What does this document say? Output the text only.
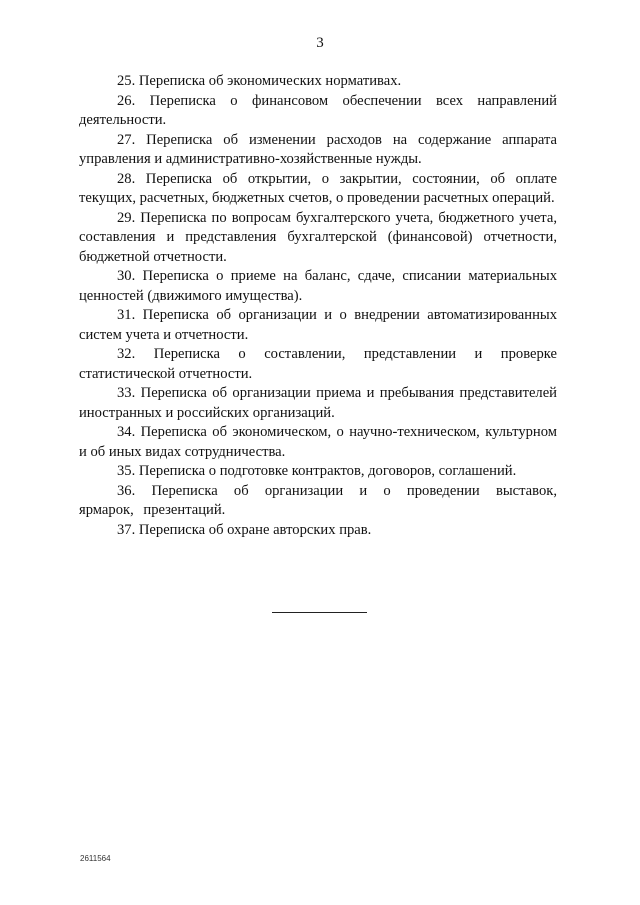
3

25. Переписка об экономических нормативах.

26. Переписка о финансовом обеспечении всех направлений деятельности.

27. Переписка об изменении расходов на содержание аппарата управления и административно-хозяйственные нужды.

28. Переписка об открытии, о закрытии, состоянии, об оплате текущих, расчетных, бюджетных счетов, о проведении расчетных операций.

29. Переписка по вопросам бухгалтерского учета, бюджетного учета, составления и представления бухгалтерской (финансовой) отчетности, бюджетной отчетности.

30. Переписка о приеме на баланс, сдаче, списании материальных ценностей (движимого имущества).

31. Переписка об организации и о внедрении автоматизированных систем учета и отчетности.

32. Переписка о составлении, представлении и проверке статистической отчетности.

33. Переписка об организации приема и пребывания представителей иностранных и российских организаций.

34. Переписка об экономическом, о научно-техническом, культурном и об иных видах сотрудничества.

35. Переписка о подготовке контрактов, договоров, соглашений.

36. Переписка об организации и о проведении выставок, ярмарок, презентаций.

37. Переписка об охране авторских прав.

2611564
